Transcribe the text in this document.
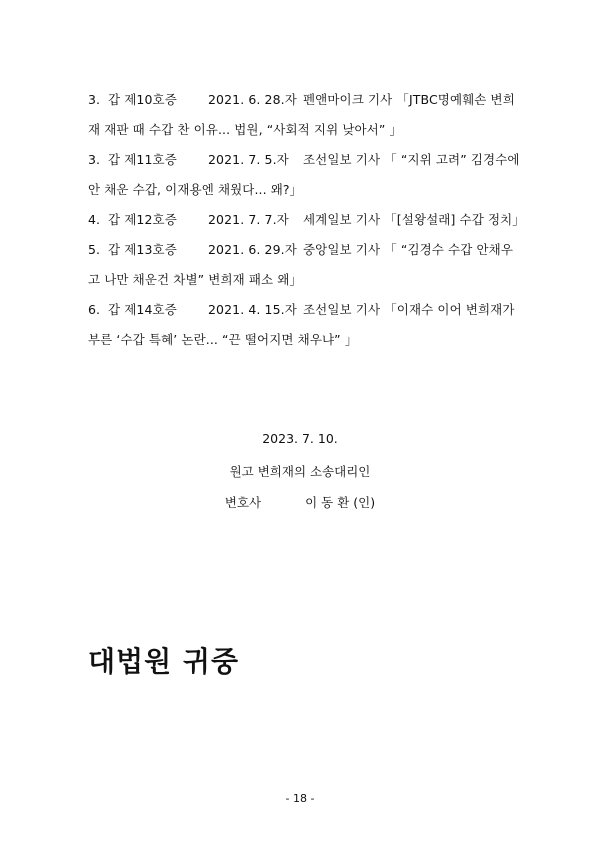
3. 갑 제10호증 2021. 6. 28.자 펜앤마이크 기사 「JTBC명예훼손 변희
재 재판 때 수갑 찬 이유... 법원, “사회적 지위 낮아서” 」
3. 갑 제11호증 2021. 7. 5.자 조선일보 기사 「 “지위 고려” 김경수에
안 채운 수갑, 이재용엔 채웠다... 왜?」
4. 갑 제12호증 2021. 7. 7.자 세계일보 기사 「[설왕설래] 수갑 정치」
5. 갑 제13호증 2021. 6. 29.자 중앙일보 기사 「 “김경수 수갑 안채우
고 나만 채운건 차별” 변희재 패소 왜」
6. 갑 제14호증 2021. 4. 15.자 조선일보 기사 「이재수 이어 변희재가
부른 ‘수갑 특혜’ 논란... “끈 떨어지면 채우냐” 」
2023. 7. 10.
원고 변희재의 소송대리인
변호사	이 동 환 (인)
대법원 귀중
- 18 -
